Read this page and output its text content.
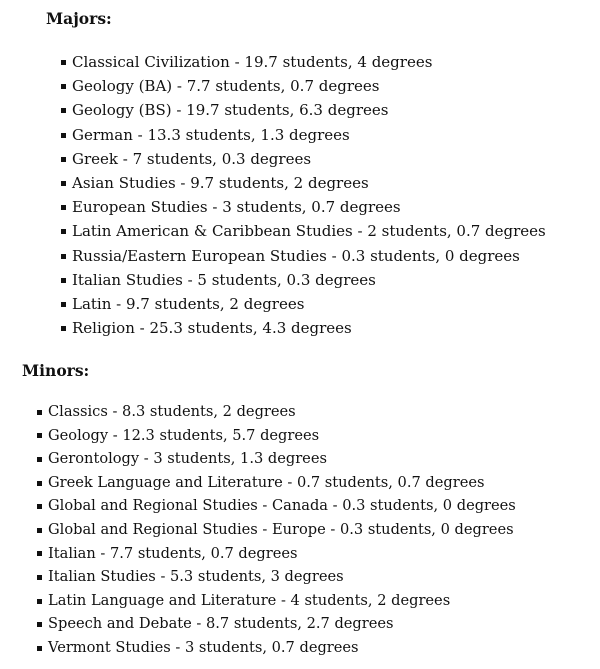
Majors:
Classical Civilization - 19.7 students, 4 degrees
Geology (BA) - 7.7 students, 0.7 degrees
Geology (BS) - 19.7 students, 6.3 degrees
German - 13.3 students, 1.3 degrees
Greek - 7 students, 0.3 degrees
Asian Studies - 9.7 students, 2 degrees
European Studies - 3 students, 0.7 degrees
Latin American & Caribbean Studies - 2 students, 0.7 degrees
Russia/Eastern European Studies - 0.3 students, 0 degrees
Italian Studies - 5 students, 0.3 degrees
Latin - 9.7 students, 2 degrees
Religion - 25.3 students, 4.3 degrees
Minors:
Classics - 8.3 students, 2 degrees
Geology - 12.3 students, 5.7 degrees
Gerontology - 3 students, 1.3 degrees
Greek Language and Literature - 0.7 students, 0.7 degrees
Global and Regional Studies - Canada - 0.3 students, 0 degrees
Global and Regional Studies - Europe - 0.3 students, 0 degrees
Italian - 7.7 students, 0.7 degrees
Italian Studies - 5.3 students, 3 degrees
Latin Language and Literature - 4 students, 2 degrees
Speech and Debate - 8.7 students, 2.7 degrees
Vermont Studies - 3 students, 0.7 degrees
